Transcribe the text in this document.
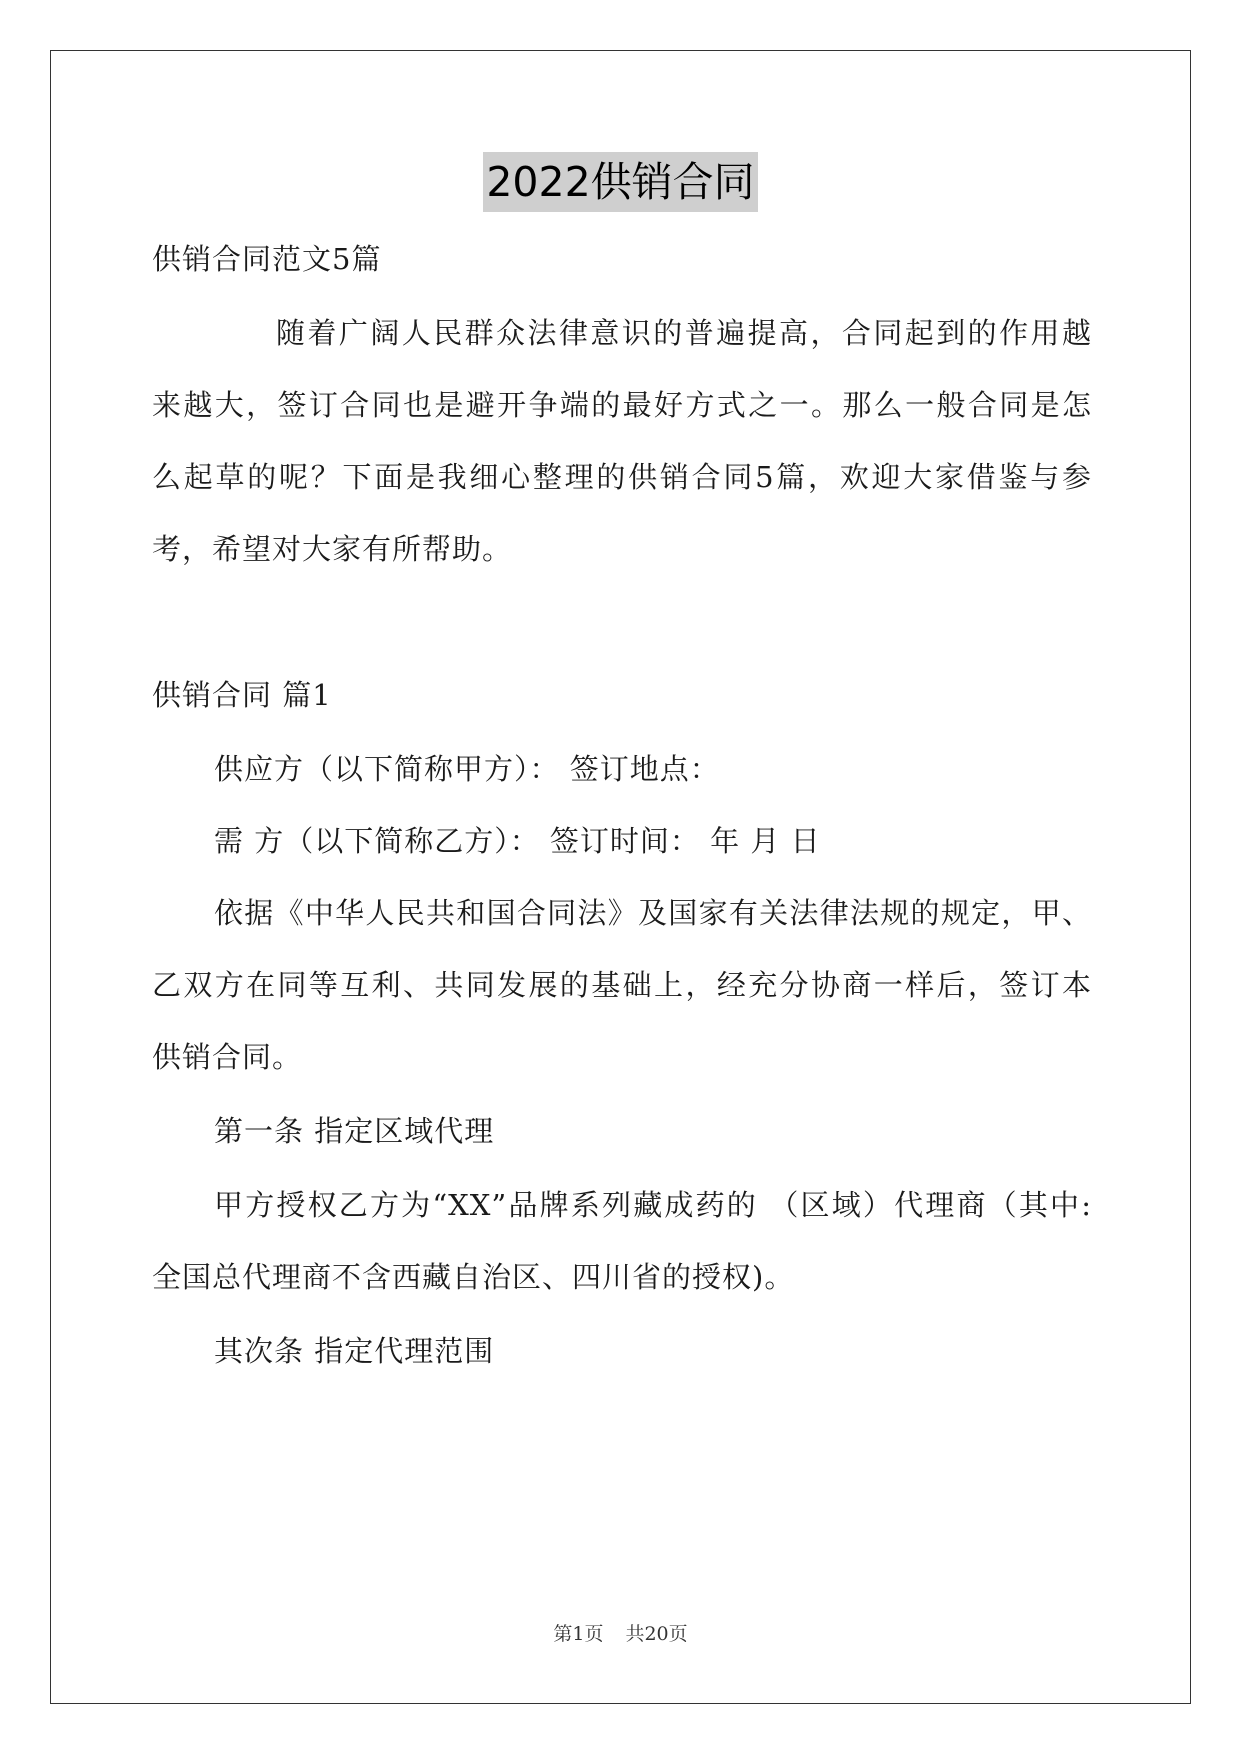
2022供销合同

供销合同范文5篇

随着广阔人民群众法律意识的普遍提高，合同起到的作用越

来越大，签订合同也是避开争端的最好方式之一。那么一般合同是怎

么起草的呢？下面是我细心整理的供销合同5篇，欢迎大家借鉴与参

考，希望对大家有所帮助。

供销合同 篇1

供应方（以下简称甲方）： 签订地点：

需 方（以下简称乙方）： 签订时间： 年 月 日

依据《中华人民共和国合同法》及国家有关法律法规的规定，甲、

乙双方在同等互利、共同发展的基础上，经充分协商一样后，签订本

供销合同。

第一条 指定区域代理

甲方授权乙方为“XX”品牌系列藏成药的 （区域）代理商（其中:

全国总代理商不含西藏自治区、四川省的授权)。

其次条 指定代理范围

第1页 共20页
